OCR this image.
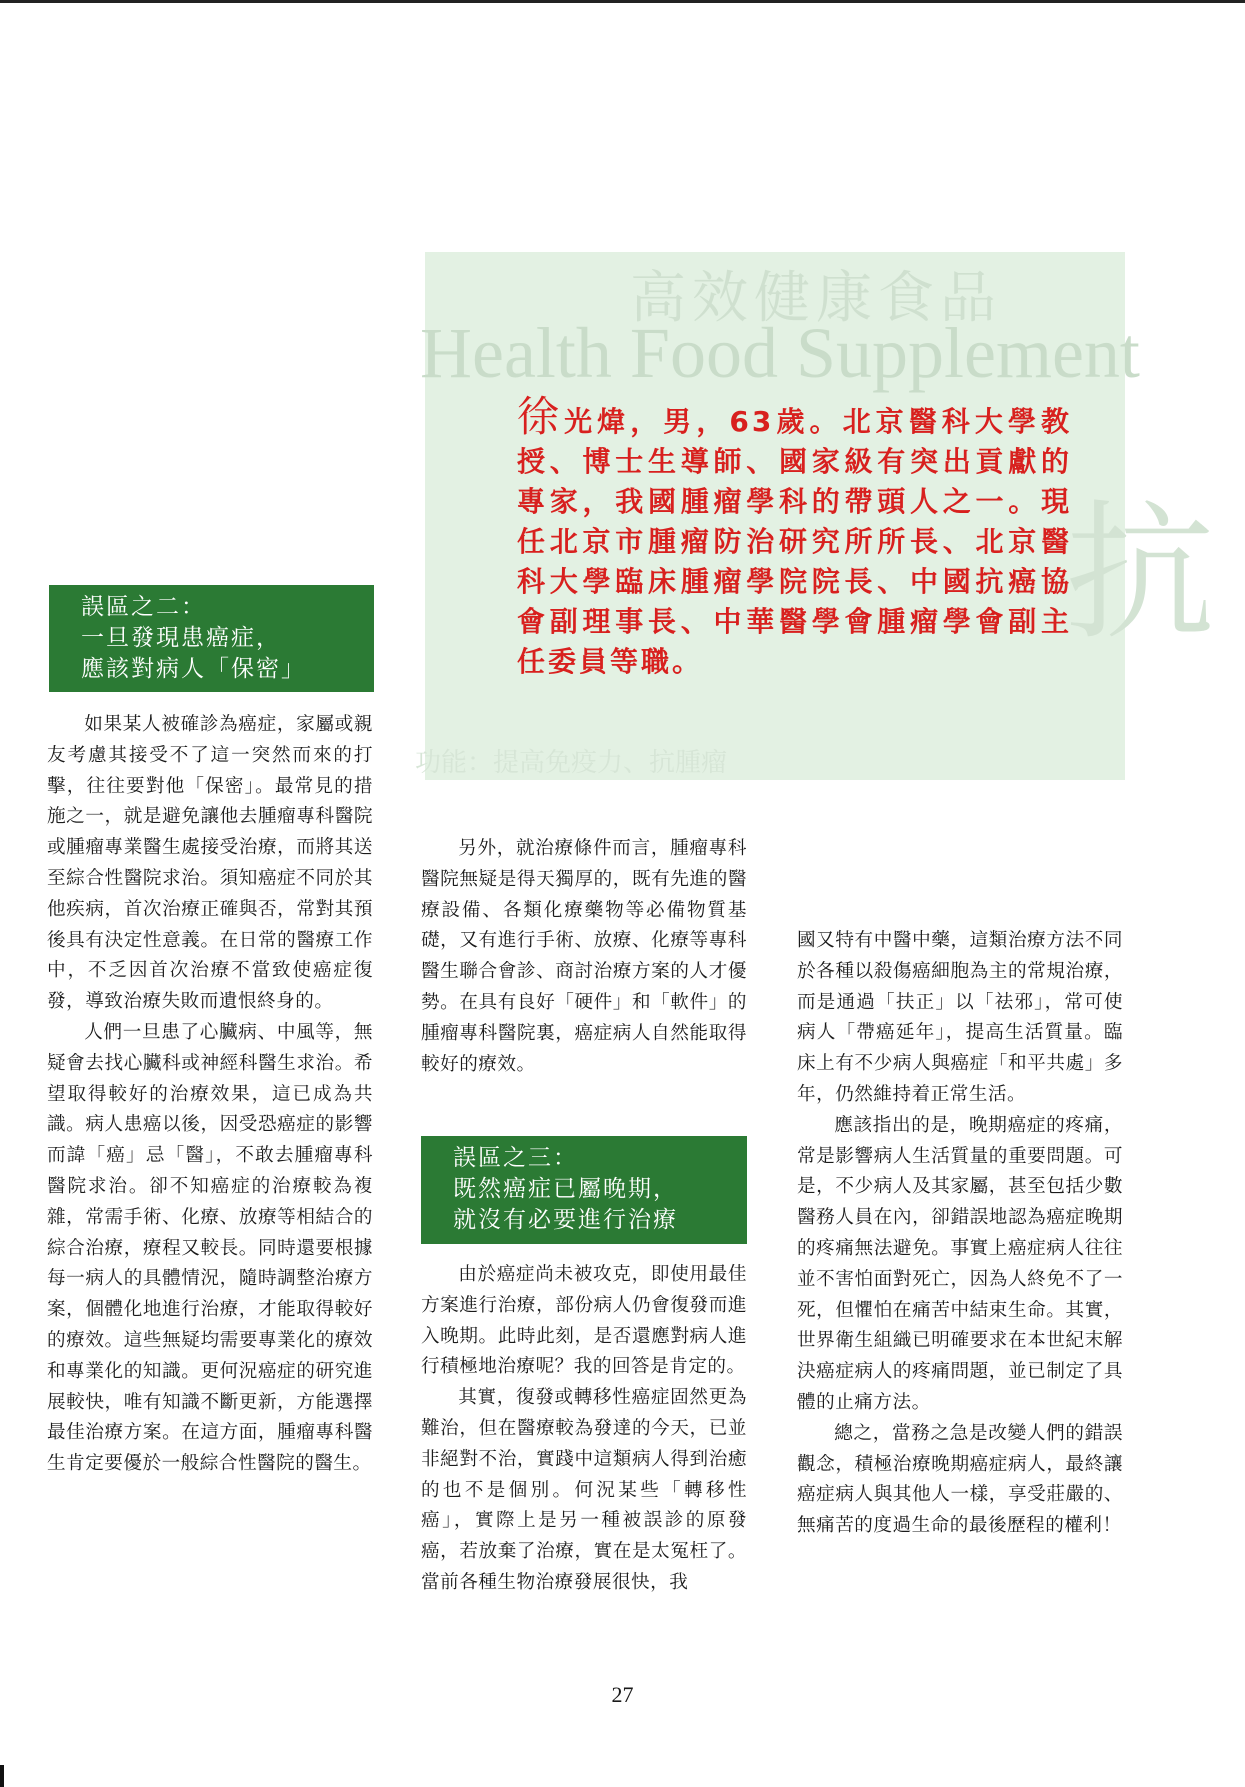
高效健康食品
Health Food Supplement
抗
功能：提高免疫力、抗腫瘤
徐光煒，男，63歲。北京醫科大學教授、博士生導師、國家級有突出貢獻的專家，我國腫瘤學科的帶頭人之一。現任北京市腫瘤防治研究所所長、北京醫科大學臨床腫瘤學院院長、中國抗癌協會副理事長、中華醫學會腫瘤學會副主任委員等職。
誤區之二：
一旦發現患癌症，
應該對病人「保密」

如果某人被確診為癌症，家屬或親友考慮其接受不了這一突然而來的打擊，往往要對他「保密」。最常見的措施之一，就是避免讓他去腫瘤專科醫院或腫瘤專業醫生處接受治療，而將其送至綜合性醫院求治。須知癌症不同於其他疾病，首次治療正確與否，常對其預後具有決定性意義。在日常的醫療工作中，不乏因首次治療不當致使癌症復發，導致治療失敗而遺恨終身的。

人們一旦患了心臟病、中風等，無疑會去找心臟科或神經科醫生求治。希望取得較好的治療效果，這已成為共識。病人患癌以後，因受恐癌症的影響而諱「癌」忌「醫」，不敢去腫瘤專科醫院求治。卻不知癌症的治療較為複雜，常需手術、化療、放療等相結合的綜合治療，療程又較長。同時還要根據每一病人的具體情況，隨時調整治療方案，個體化地進行治療，才能取得較好的療效。這些無疑均需要專業化的療效和專業化的知識。更何況癌症的研究進展較快，唯有知識不斷更新，方能選擇最佳治療方案。在這方面，腫瘤專科醫生肯定要優於一般綜合性醫院的醫生。

另外，就治療條件而言，腫瘤專科醫院無疑是得天獨厚的，既有先進的醫療設備、各類化療藥物等必備物質基礎，又有進行手術、放療、化療等專科醫生聯合會診、商討治療方案的人才優勢。在具有良好「硬件」和「軟件」的腫瘤專科醫院裏，癌症病人自然能取得較好的療效。

誤區之三：
既然癌症已屬晚期，
就沒有必要進行治療

由於癌症尚未被攻克，即使用最佳方案進行治療，部份病人仍會復發而進入晚期。此時此刻，是否還應對病人進行積極地治療呢？我的回答是肯定的。

其實，復發或轉移性癌症固然更為難治，但在醫療較為發達的今天，已並非絕對不治，實踐中這類病人得到治癒的也不是個別。何況某些「轉移性癌」，實際上是另一種被誤診的原發癌，若放棄了治療，實在是太冤枉了。當前各種生物治療發展很快，我

國又特有中醫中藥，這類治療方法不同於各種以殺傷癌細胞為主的常規治療，而是通過「扶正」以「祛邪」，常可使病人「帶癌延年」，提高生活質量。臨床上有不少病人與癌症「和平共處」多年，仍然維持着正常生活。

應該指出的是，晚期癌症的疼痛，常是影響病人生活質量的重要問題。可是，不少病人及其家屬，甚至包括少數醫務人員在內，卻錯誤地認為癌症晚期的疼痛無法避免。事實上癌症病人往往並不害怕面對死亡，因為人終免不了一死，但懼怕在痛苦中結束生命。其實，世界衛生組織已明確要求在本世紀末解決癌症病人的疼痛問題，並已制定了具體的止痛方法。

總之，當務之急是改變人們的錯誤觀念，積極治療晚期癌症病人，最終讓癌症病人與其他人一樣，享受莊嚴的、無痛苦的度過生命的最後歷程的權利！

27
